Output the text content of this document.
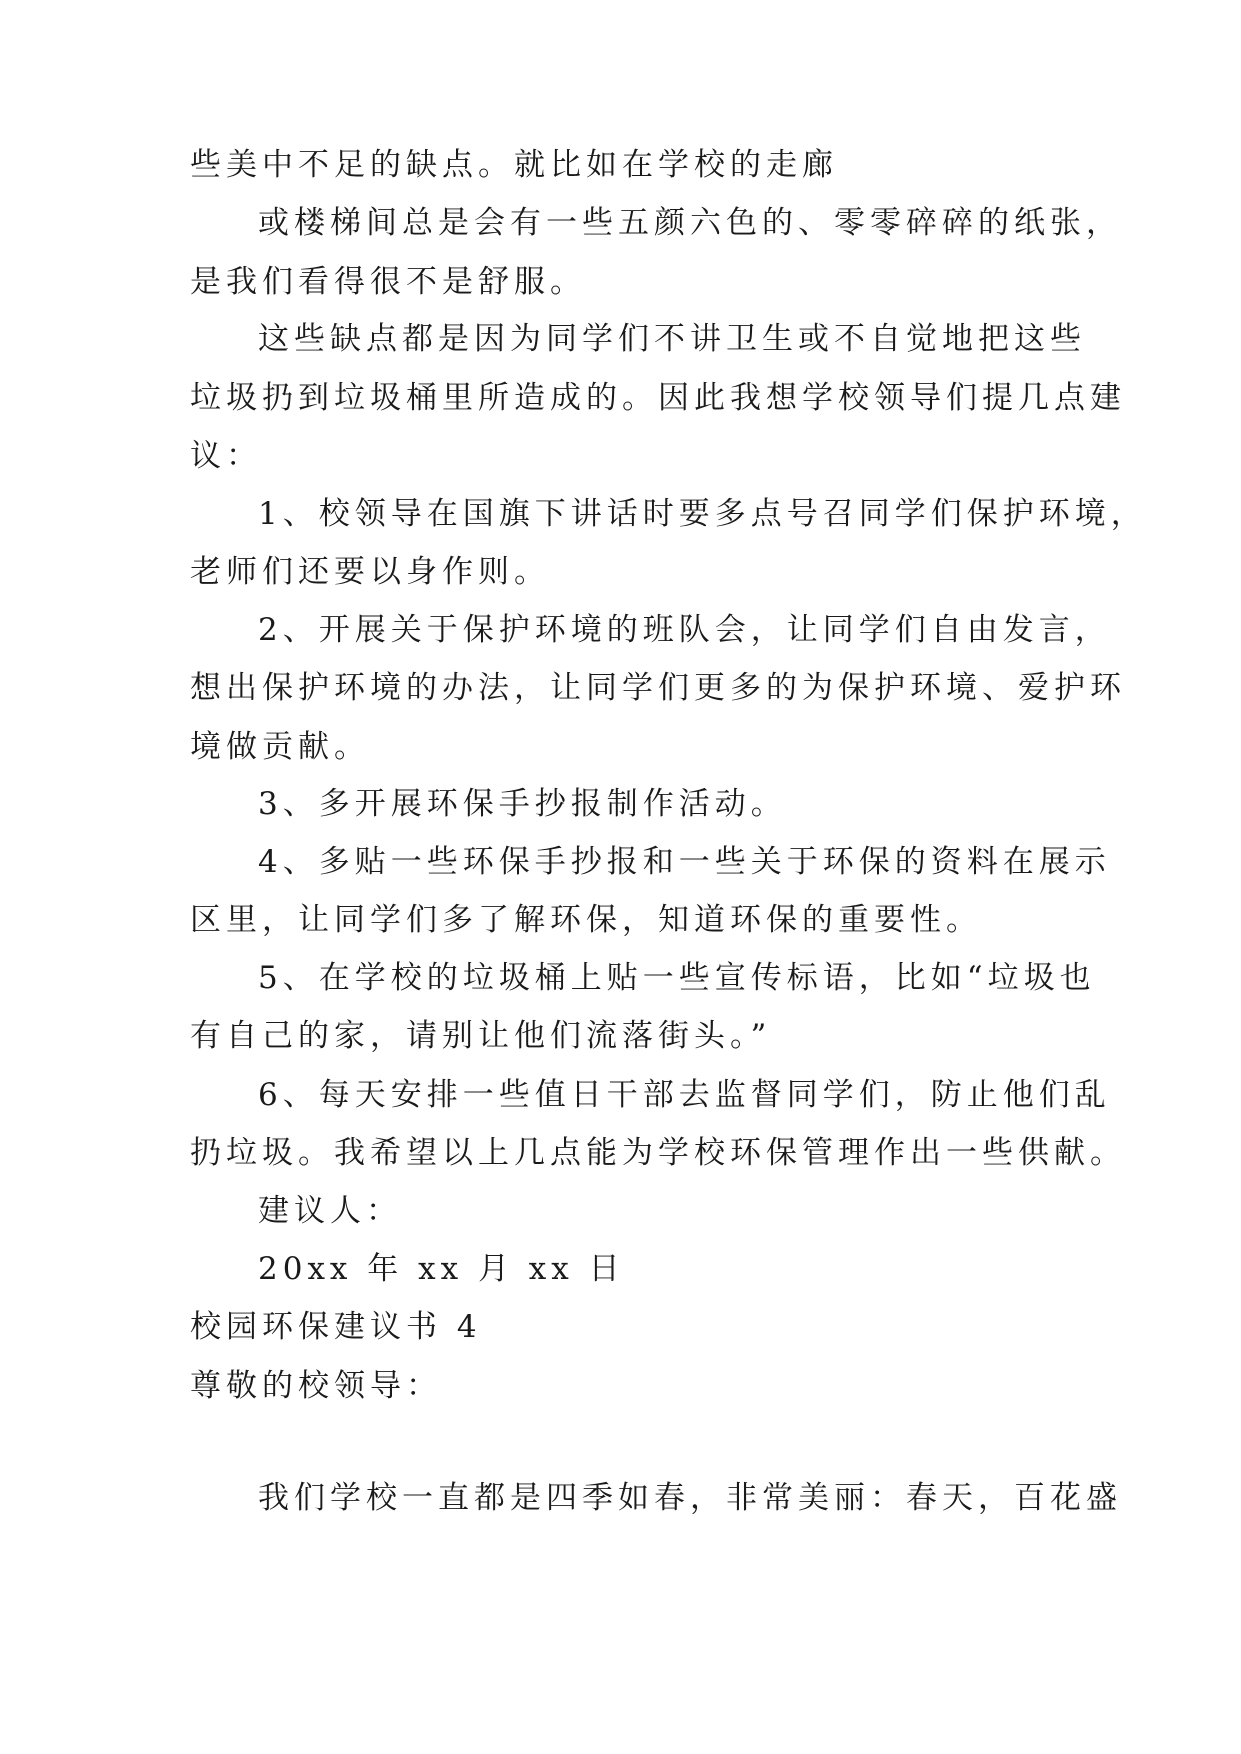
些美中不足的缺点。就比如在学校的走廊
或楼梯间总是会有一些五颜六色的、零零碎碎的纸张，
是我们看得很不是舒服。
这些缺点都是因为同学们不讲卫生或不自觉地把这些
垃圾扔到垃圾桶里所造成的。因此我想学校领导们提几点建
议：
1、校领导在国旗下讲话时要多点号召同学们保护环境，
老师们还要以身作则。
2、开展关于保护环境的班队会，让同学们自由发言，
想出保护环境的办法，让同学们更多的为保护环境、爱护环
境做贡献。
3、多开展环保手抄报制作活动。
4、多贴一些环保手抄报和一些关于环保的资料在展示
区里，让同学们多了解环保，知道环保的重要性。
5、在学校的垃圾桶上贴一些宣传标语，比如“垃圾也
有自己的家，请别让他们流落街头。”
6、每天安排一些值日干部去监督同学们，防止他们乱
扔垃圾。我希望以上几点能为学校环保管理作出一些供献。
建议人：
20xx 年 xx 月 xx 日
校园环保建议书 4
尊敬的校领导：
我们学校一直都是四季如春，非常美丽：春天，百花盛
